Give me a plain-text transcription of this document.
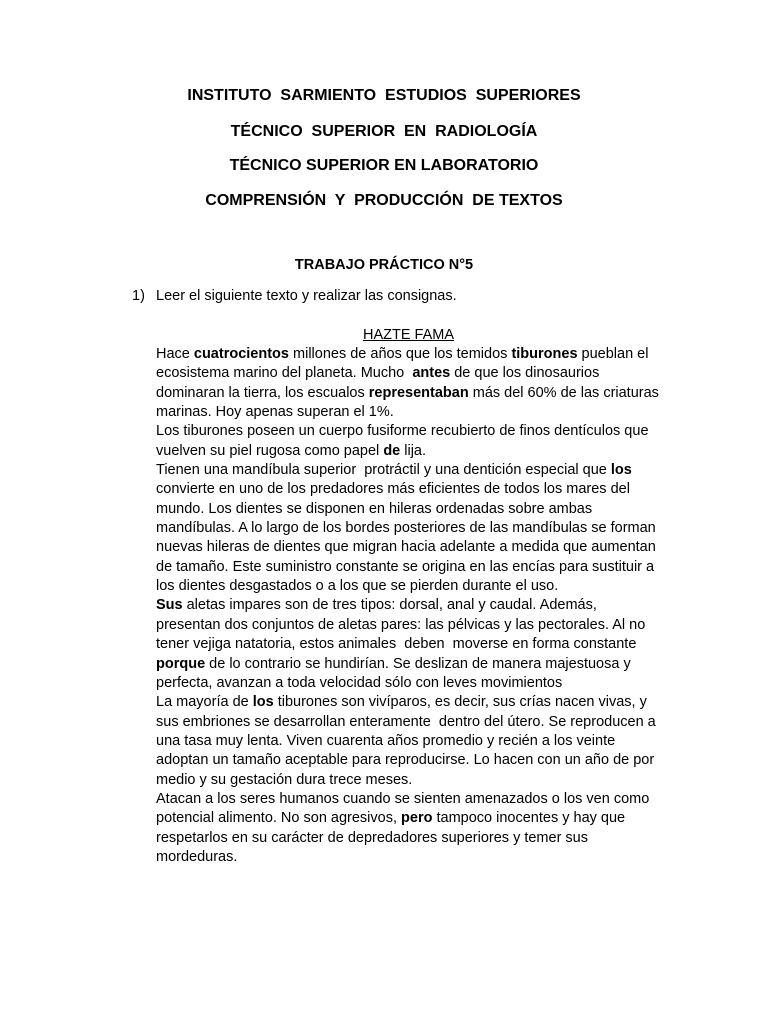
INSTITUTO  SARMIENTO  ESTUDIOS  SUPERIORES
TÉCNICO  SUPERIOR  EN  RADIOLOGÍA
TÉCNICO SUPERIOR EN LABORATORIO
COMPRENSIÓN  Y  PRODUCCIÓN  DE TEXTOS
TRABAJO PRÁCTICO N°5
1) Leer el siguiente texto y realizar las consignas.
HAZTE FAMA

Hace cuatrocientos millones de años que los temidos tiburones pueblan el ecosistema marino del planeta. Mucho  antes de que los dinosaurios dominaran la tierra, los escualos representaban más del 60% de las criaturas marinas. Hoy apenas superan el 1%.

Los tiburones poseen un cuerpo fusiforme recubierto de finos dentículos que vuelven su piel rugosa como papel de lija.

Tienen una mandíbula superior  protráctil y una dentición especial que los convierte en uno de los predadores más eficientes de todos los mares del mundo. Los dientes se disponen en hileras ordenadas sobre ambas mandíbulas. A lo largo de los bordes posteriores de las mandíbulas se forman nuevas hileras de dientes que migran hacia adelante a medida que aumentan de tamaño. Este suministro constante se origina en las encías para sustituir a los dientes desgastados o a los que se pierden durante el uso.

Sus aletas impares son de tres tipos: dorsal, anal y caudal. Además, presentan dos conjuntos de aletas pares: las pélvicas y las pectorales. Al no tener vejiga natatoria, estos animales  deben  moverse en forma constante porque de lo contrario se hundirían. Se deslizan de manera majestuosa y perfecta, avanzan a toda velocidad sólo con leves movimientos

La mayoría de los tiburones son vivíparos, es decir, sus crías nacen vivas, y sus embriones se desarrollan enteramente  dentro del útero. Se reproducen a una tasa muy lenta. Viven cuarenta años promedio y recién a los veinte adoptan un tamaño aceptable para reproducirse. Lo hacen con un año de por medio y su gestación dura trece meses.

Atacan a los seres humanos cuando se sienten amenazados o los ven como potencial alimento. No son agresivos, pero tampoco inocentes y hay que respetarlos en su carácter de depredadores superiores y temer sus mordeduras.
